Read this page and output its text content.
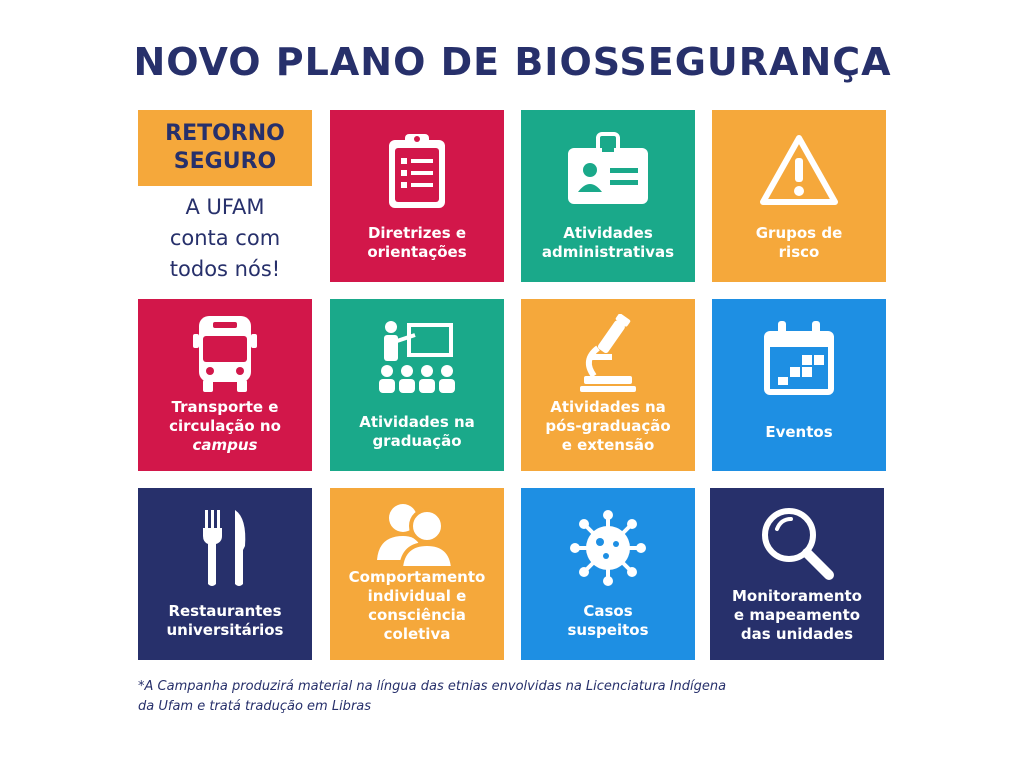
NOVO PLANO DE BIOSSEGURANÇA
RETORNO
SEGURO
A UFAM
conta com
todos nós!
Diretrizes e
orientações
Atividades
administrativas
Grupos de
risco
Transporte e
circulação no
campus
Atividades na
graduação
Atividades na
pós-graduação
e extensão
Eventos
Restaurantes
universitários
Comportamento
individual e
consciência
coletiva
Casos
suspeitos
Monitoramento
e mapeamento
das unidades
*A Campanha produzirá material na língua das etnias envolvidas na Licenciatura Indígena
da Ufam e tratá tradução em Libras
